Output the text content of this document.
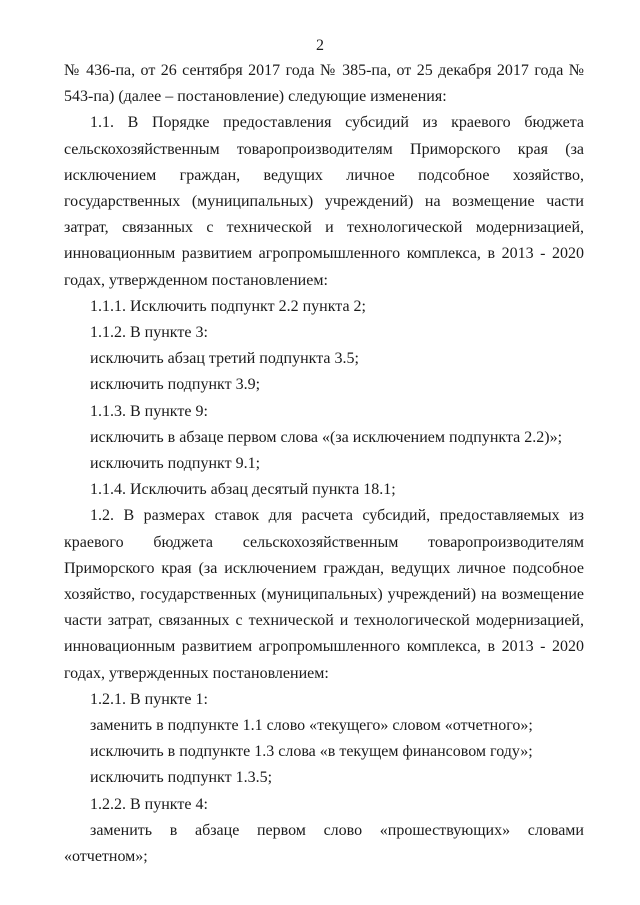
2

№ 436-па, от 26 сентября 2017 года № 385-па, от 25 декабря 2017 года № 543-па) (далее – постановление) следующие изменения:

1.1. В Порядке предоставления субсидий из краевого бюджета сельскохозяйственным товаропроизводителям Приморского края (за исключением граждан, ведущих личное подсобное хозяйство, государственных (муниципальных) учреждений) на возмещение части затрат, связанных с технической и технологической модернизацией, инновационным развитием агропромышленного комплекса, в 2013 - 2020 годах, утвержденном постановлением:

1.1.1. Исключить подпункт 2.2 пункта 2;

1.1.2. В пункте 3:

исключить абзац третий подпункта 3.5;

исключить подпункт 3.9;

1.1.3. В пункте 9:

исключить в абзаце первом слова «(за исключением подпункта 2.2)»;

исключить подпункт 9.1;

1.1.4. Исключить абзац десятый пункта 18.1;

1.2. В размерах ставок для расчета субсидий, предоставляемых из краевого бюджета сельскохозяйственным товаропроизводителям Приморского края (за исключением граждан, ведущих личное подсобное хозяйство, государственных (муниципальных) учреждений) на возмещение части затрат, связанных с технической и технологической модернизацией, инновационным развитием агропромышленного комплекса, в 2013 - 2020 годах, утвержденных постановлением:

1.2.1. В пункте 1:

заменить в подпункте 1.1 слово «текущего» словом «отчетного»;

исключить в подпункте 1.3 слова «в текущем финансовом году»;

исключить подпункт 1.3.5;

1.2.2. В пункте 4:

заменить в абзаце первом слово «прошествующих» словами «отчетном»;
